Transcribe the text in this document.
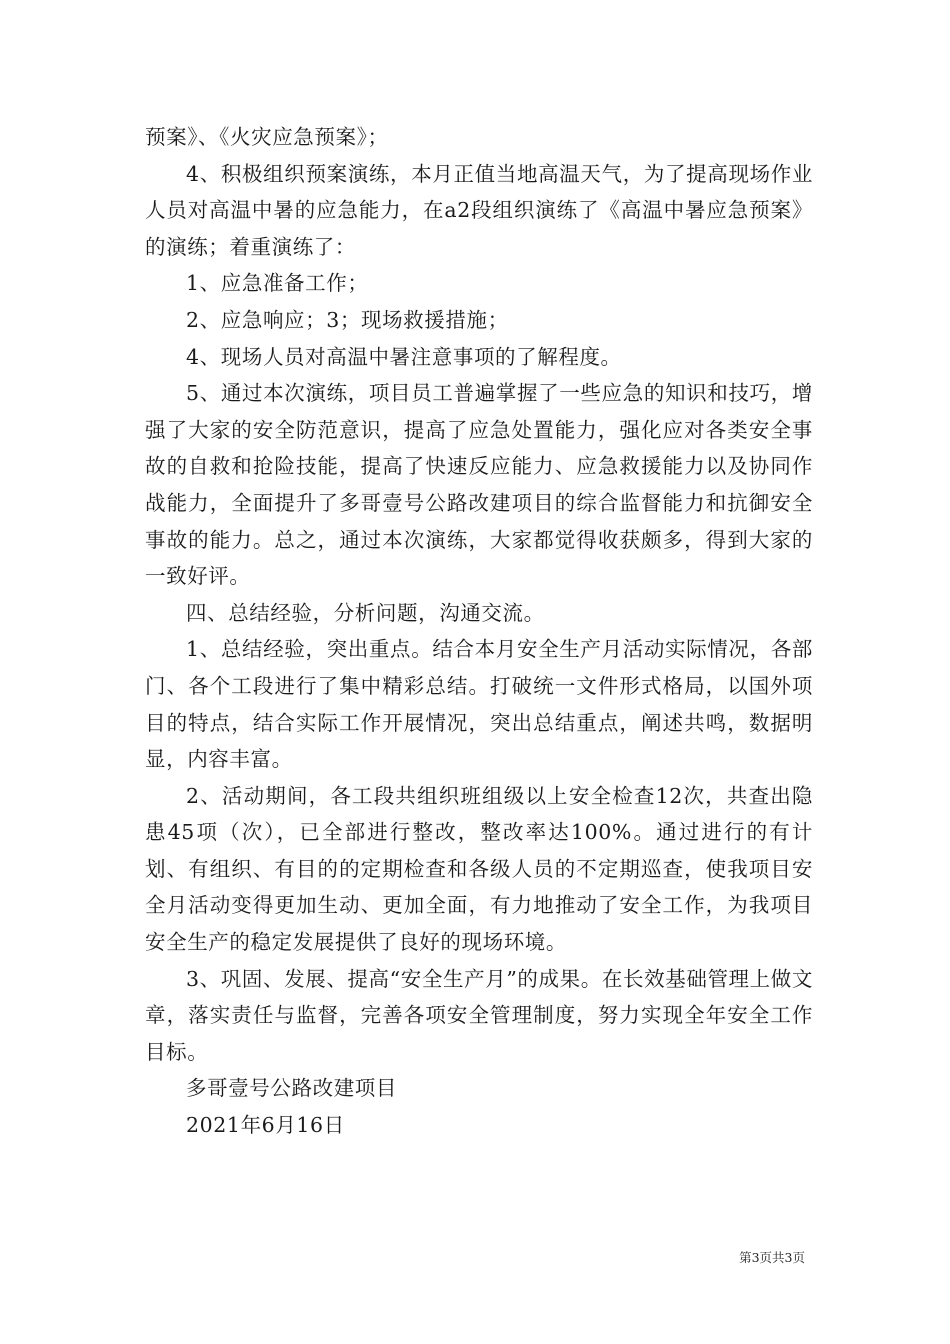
预案》、《火灾应急预案》；

4、积极组织预案演练，本月正值当地高温天气，为了提高现场作业人员对高温中暑的应急能力，在a2段组织演练了《高温中暑应急预案》的演练；着重演练了：

1、应急准备工作；

2、应急响应；3；现场救援措施；

4、现场人员对高温中暑注意事项的了解程度。

5、通过本次演练，项目员工普遍掌握了一些应急的知识和技巧，增强了大家的安全防范意识，提高了应急处置能力，强化应对各类安全事故的自救和抢险技能，提高了快速反应能力、应急救援能力以及协同作战能力，全面提升了多哥壹号公路改建项目的综合监督能力和抗御安全事故的能力。总之，通过本次演练，大家都觉得收获颇多，得到大家的一致好评。

四、总结经验，分析问题，沟通交流。

1、总结经验，突出重点。结合本月安全生产月活动实际情况，各部门、各个工段进行了集中精彩总结。打破统一文件形式格局，以国外项目的特点，结合实际工作开展情况，突出总结重点，阐述共鸣，数据明显，内容丰富。

2、活动期间，各工段共组织班组级以上安全检查12次，共查出隐患45项（次），已全部进行整改，整改率达100%。通过进行的有计划、有组织、有目的的定期检查和各级人员的不定期巡查，使我项目安全月活动变得更加生动、更加全面，有力地推动了安全工作，为我项目安全生产的稳定发展提供了良好的现场环境。

3、巩固、发展、提高“安全生产月”的成果。在长效基础管理上做文章，落实责任与监督，完善各项安全管理制度，努力实现全年安全工作目标。

多哥壹号公路改建项目

2021年6月16日

第3页共3页
